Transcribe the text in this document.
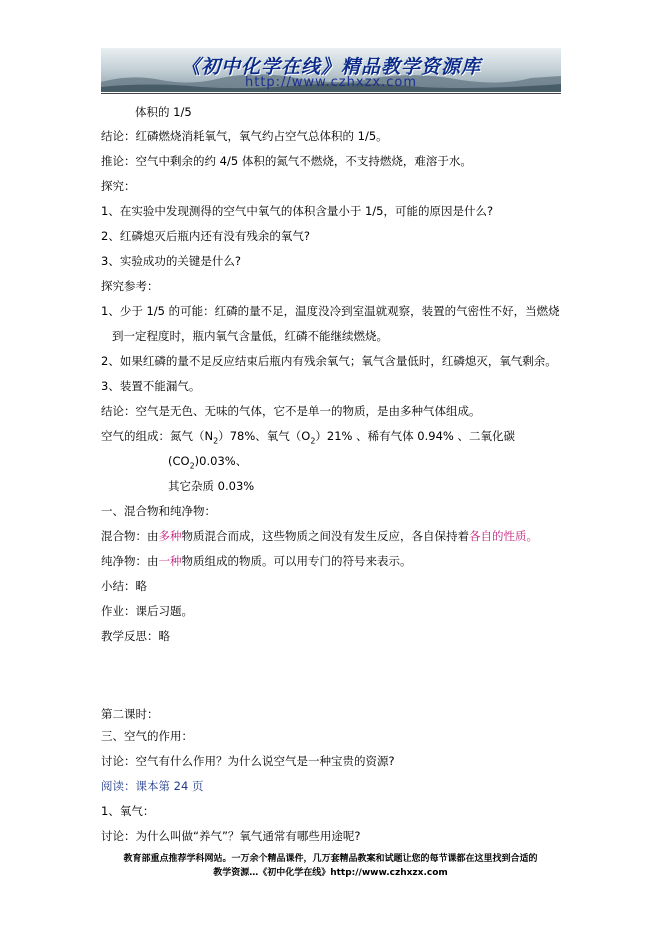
《初中化学在线》精品教学资源库
http://www.czhxzx.com
体积的 1/5
结论：红磷燃烧消耗氧气，氧气约占空气总体积的 1/5。
推论：空气中剩余的约 4/5 体积的氮气不燃烧，不支持燃烧，难溶于水。
探究：
1、在实验中发现测得的空气中氧气的体积含量小于 1/5，可能的原因是什么?
2、红磷熄灭后瓶内还有没有残余的氧气?
3、实验成功的关键是什么?
探究参考：
1、少于 1/5 的可能：红磷的量不足，温度没冷到室温就观察，装置的气密性不好，当燃烧
到一定程度时，瓶内氧气含量低，红磷不能继续燃烧。
2、如果红磷的量不足反应结束后瓶内有残余氧气；氧气含量低时，红磷熄灭，氧气剩余。
3、装置不能漏气。
结论：空气是无色、无味的气体，它不是单一的物质，是由多种气体组成。
空气的组成：氮气$(N_2)78\%$、氧气$(O_2)21\%$ 、稀有气体 0.94% 、二氧化碳
$(CO_2)0.03\%$、
其它杂质 0.03%
一、混合物和纯净物：
混合物：由多种物质混合而成，这些物质之间没有发生反应，各自保持着各自的性质。
纯净物：由一种物质组成的物质。可以用专门的符号来表示。
小结：略
作业：课后习题。
教学反思：略
第二课时：
三、空气的作用：
讨论：空气有什么作用？为什么说空气是一种宝贵的资源?
阅读：课本第 24 页
1、氧气：
讨论：为什么叫做“养气”？氧气通常有哪些用途呢?
教育部重点推荐学科网站。一万余个精品课件，几万套精品教案和试题让您的每节课都在这里找到合适的
教学资源…《初中化学在线》http://www.czhxzx.com
